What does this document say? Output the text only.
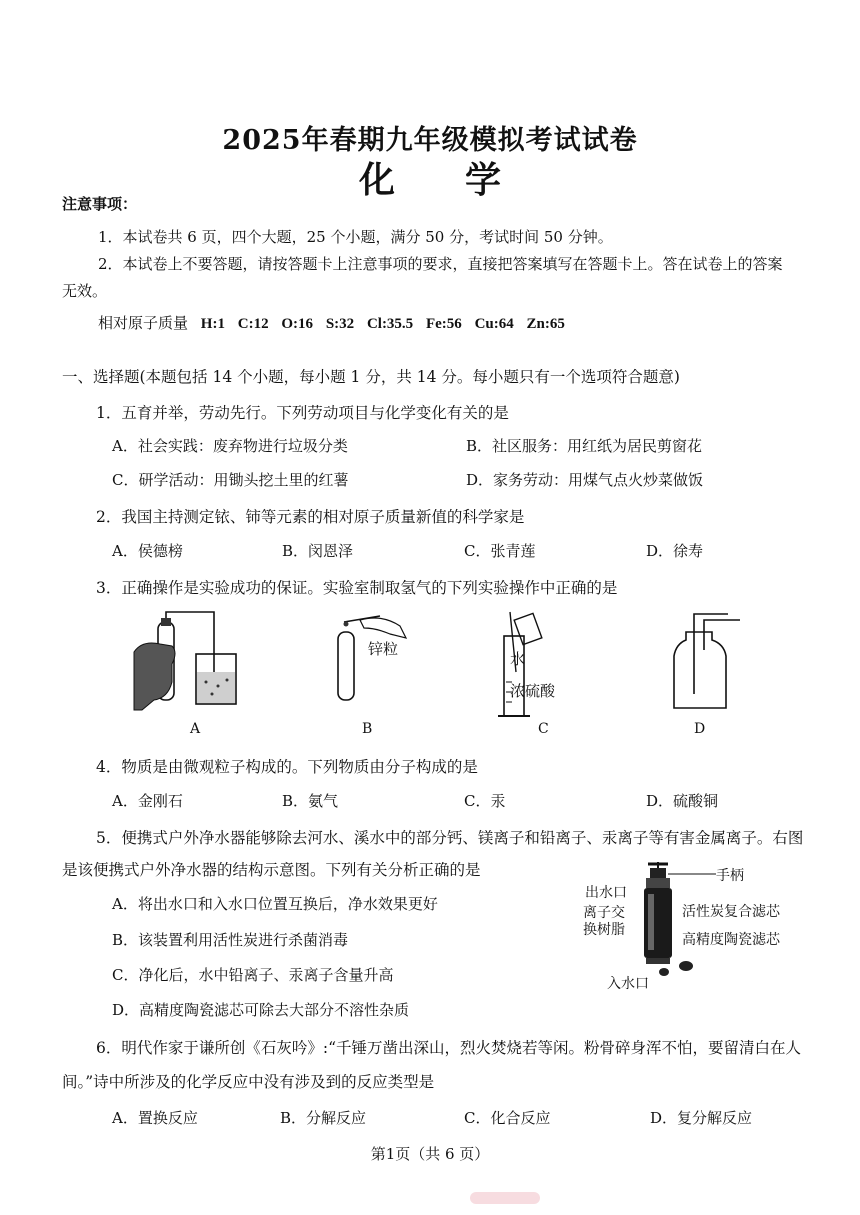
2025年春期九年级模拟考试试卷
化学
注意事项：
1．本试卷共 6 页，四个大题，25 个小题，满分 50 分，考试时间 50 分钟。
2．本试卷上不要答题，请按答题卡上注意事项的要求，直接把答案填写在答题卡上。答在试卷上的答案
无效。
相对原子质量 H:1 C:12 O:16 S:32 Cl:35.5 Fe:56 Cu:64 Zn:65
一、选择题(本题包括 14 个小题，每小题 1 分，共 14 分。每小题只有一个选项符合题意)
1．五育并举，劳动先行。下列劳动项目与化学变化有关的是
A．社会实践：废弃物进行垃圾分类	B．社区服务：用红纸为居民剪窗花
C．研学活动：用锄头挖土里的红薯	D．家务劳动：用煤气点火炒菜做饭
2．我国主持测定铱、铈等元素的相对原子质量新值的科学家是
A．侯德榜	B．闵恩泽	C．张青莲	D．徐寿
3．正确操作是实验成功的保证。实验室制取氢气的下列实验操作中正确的是
A
锌粒
B
水
浓硫酸
C	D
4．物质是由微观粒子构成的。下列物质由分子构成的是
A．金刚石	B．氨气	C．汞	D．硫酸铜
5．便携式户外净水器能够除去河水、溪水中的部分钙、镁离子和铅离子、汞离子等有害金属离子。右图
是该便携式户外净水器的结构示意图。下列有关分析正确的是
A．将出水口和入水口位置互换后，净水效果更好
B．该装置利用活性炭进行杀菌消毒
C．净化后，水中铅离子、汞离子含量升高
D．高精度陶瓷滤芯可除去大部分不溶性杂质
手柄
出水口
离子交
换树脂
活性炭复合滤芯
高精度陶瓷滤芯
入水口
6．明代作家于谦所创《石灰吟》:“千锤万凿出深山，烈火焚烧若等闲。粉骨碎身浑不怕，要留清白在人
间。”诗中所涉及的化学反应中没有涉及到的反应类型是
A．置换反应	B．分解反应	C．化合反应	D．复分解反应
第1页（共 6 页）
